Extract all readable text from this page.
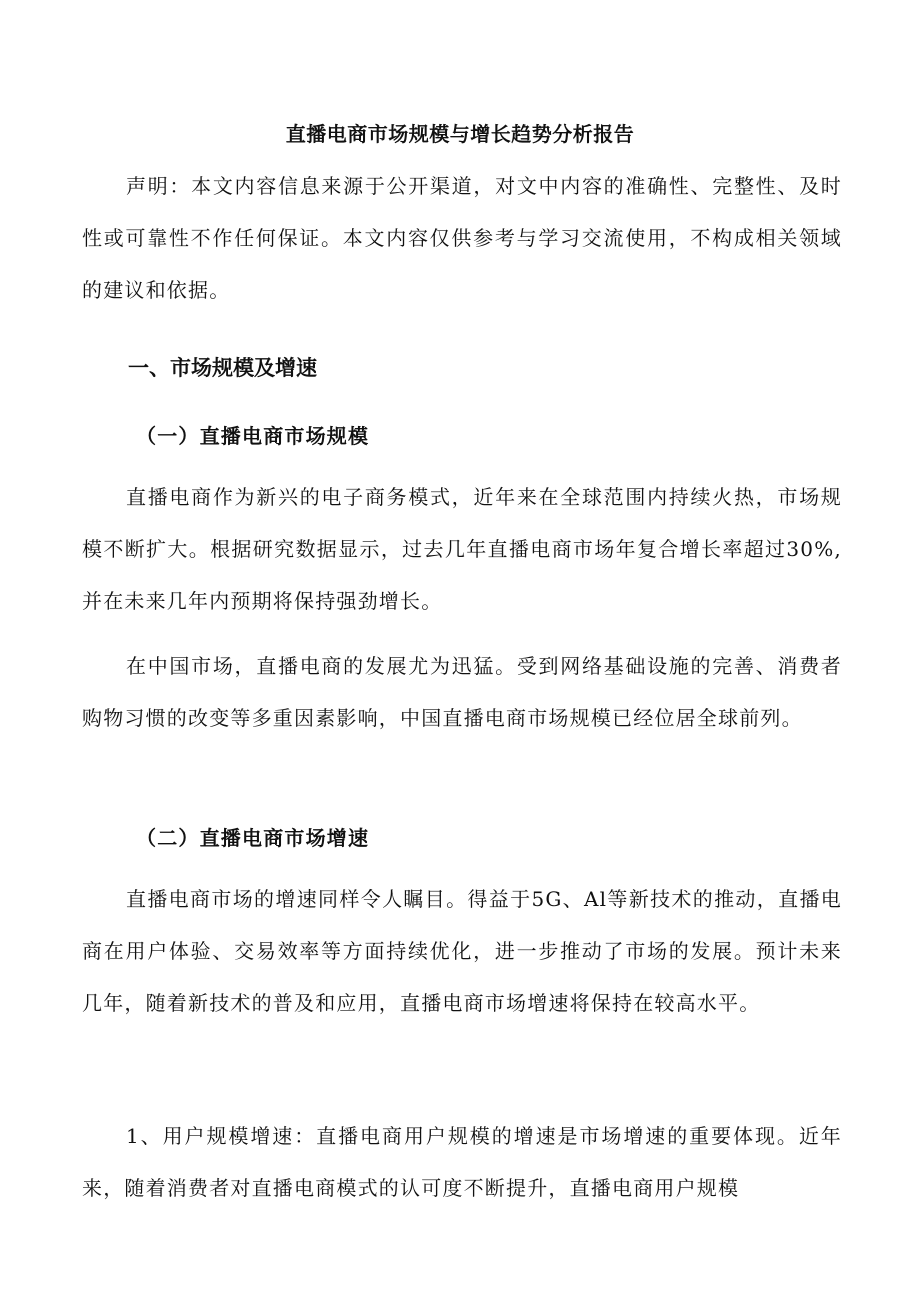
直播电商市场规模与增长趋势分析报告

声明：本文内容信息来源于公开渠道，对文中内容的准确性、完整性、及时性或可靠性不作任何保证。本文内容仅供参考与学习交流使用，不构成相关领域的建议和依据。

一、市场规模及增速
（一）直播电商市场规模

直播电商作为新兴的电子商务模式，近年来在全球范围内持续火热，市场规模不断扩大。根据研究数据显示，过去几年直播电商市场年复合增长率超过30%,并在未来几年内预期将保持强劲增长。

在中国市场，直播电商的发展尤为迅猛。受到网络基础设施的完善、消费者购物习惯的改变等多重因素影响，中国直播电商市场规模已经位居全球前列。

（二）直播电商市场增速

直播电商市场的增速同样令人瞩目。得益于5G、Al等新技术的推动，直播电商在用户体验、交易效率等方面持续优化，进一步推动了市场的发展。预计未来几年，随着新技术的普及和应用，直播电商市场增速将保持在较高水平。

1、用户规模增速：直播电商用户规模的增速是市场增速的重要体现。近年来，随着消费者对直播电商模式的认可度不断提升，直播电商用户规模
